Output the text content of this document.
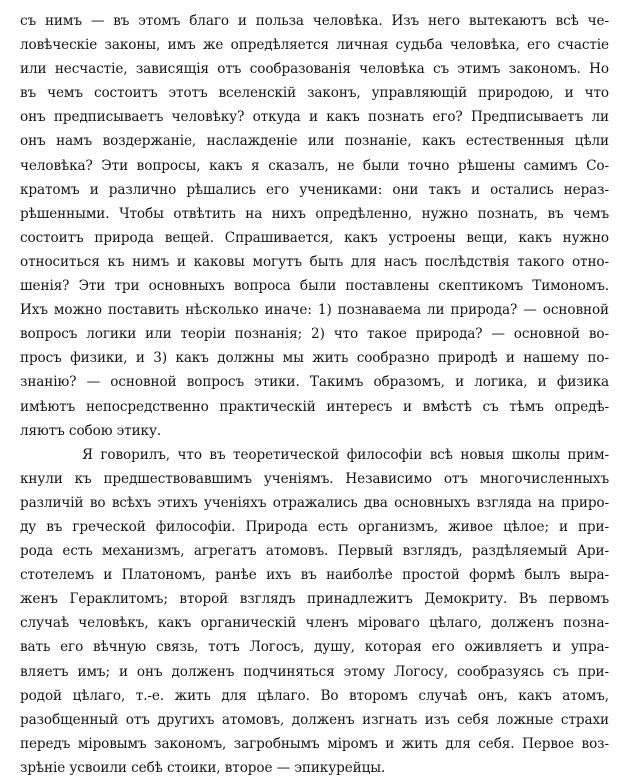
съ нимъ — въ этомъ благо и польза человѣка. Изъ него вытекаютъ всѣ че-
ловѣческіе законы, имъ же опредѣляется личная судьба человѣка, его счастіе
или несчастіе, зависящія отъ сообразованія человѣка съ этимъ закономъ. Но
въ чемъ состоитъ этотъ вселенскій законъ, управляющій природою, и что
онъ предписываетъ человѣку? откуда и какъ познать его? Предписываетъ ли
онъ намъ воздержаніе, наслажденіе или познаніе, какъ естественныя цѣли
человѣка? Эти вопросы, какъ я сказалъ, не были точно рѣшены самимъ Со-
кратомъ и различно рѣшались его учениками: они такъ и остались нераз-
рѣшенными. Чтобы отвѣтить на нихъ опредѣленно, нужно познать, въ чемъ
состоитъ природа вещей. Спрашивается, какъ устроены вещи, какъ нужно
относиться къ нимъ и каковы могутъ быть для насъ послѣдствія такого отно-
шенія? Эти три основныхъ вопроса были поставлены скептикомъ Тимономъ.
Ихъ можно поставить нѣсколько иначе: 1) познаваема ли природа? — основной
вопросъ логики или теоріи познанія; 2) что такое природа? — основной во-
просъ физики, и 3) какъ должны мы жить сообразно природѣ и нашему по-
знанію? — основной вопросъ этики. Такимъ образомъ, и логика, и физика
имѣютъ непосредственно практическій интересъ и вмѣстѣ съ тѣмъ опредѣ-
ляютъ собою этику.
Я говорилъ, что въ теоретической философіи всѣ новыя школы прим-
кнули къ предшествовавшимъ ученіямъ. Независимо отъ многочисленныхъ
различій во всѣхъ этихъ ученіяхъ отражались два основныхъ взгляда на приро-
ду въ греческой философіи. Природа есть организмъ, живое цѣлое; и при-
рода есть механизмъ, агрегатъ атомовъ. Первый взглядъ, раздѣляемый Ари-
стотелемъ и Платономъ, ранѣе ихъ въ наиболѣе простой формѣ былъ выра-
женъ Гераклитомъ; второй взглядъ принадлежитъ Демокриту. Въ первомъ
случаѣ человѣкъ, какъ органическій членъ міроваго цѣлаго, долженъ позна-
вать его вѣчную связь, тотъ Логосъ, душу, которая его оживляетъ и упра-
вляетъ имъ; и онъ долженъ подчиняться этому Логосу, сообразуясь съ при-
родой цѣлаго, т.-е. жить для цѣлаго. Во второмъ случаѣ онъ, какъ атомъ,
разобщенный отъ другихъ атомовъ, долженъ изгнать изъ себя ложные страхи
передъ міровымъ закономъ, загробнымъ міромъ и жить для себя. Первое воз-
зрѣніе усвоили себѣ стоики, второе — эпикурейцы.
